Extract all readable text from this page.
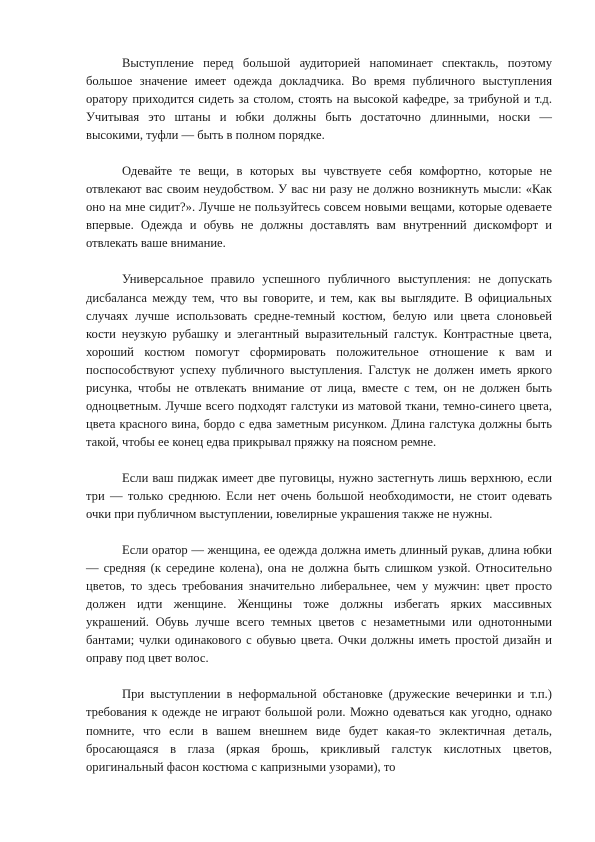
Выступление перед большой аудиторией напоминает спектакль, поэтому большое значение имеет одежда докладчика. Во время публичного выступления оратору приходится сидеть за столом, стоять на высокой кафедре, за трибуной и т.д. Учитывая это штаны и юбки должны быть достаточно длинными, носки — высокими, туфли — быть в полном порядке.

Одевайте те вещи, в которых вы чувствуете себя комфортно, которые не отвлекают вас своим неудобством. У вас ни разу не должно возникнуть мысли: «Как оно на мне сидит?». Лучше не пользуйтесь совсем новыми вещами, которые одеваете впервые. Одежда и обувь не должны доставлять вам внутренний дискомфорт и отвлекать ваше внимание.

Универсальное правило успешного публичного выступления: не допускать дисбаланса между тем, что вы говорите, и тем, как вы выглядите. В официальных случаях лучше использовать средне-темный костюм, белую или цвета слоновьей кости неузкую рубашку и элегантный выразительный галстук. Контрастные цвета, хороший костюм помогут сформировать положительное отношение к вам и поспособствуют успеху публичного выступления. Галстук не должен иметь яркого рисунка, чтобы не отвлекать внимание от лица, вместе с тем, он не должен быть одноцветным. Лучше всего подходят галстуки из матовой ткани, темно-синего цвета, цвета красного вина, бордо с едва заметным рисунком. Длина галстука должны быть такой, чтобы ее конец едва прикрывал пряжку на поясном ремне.

Если ваш пиджак имеет две пуговицы, нужно застегнуть лишь верхнюю, если три — только среднюю. Если нет очень большой необходимости, не стоит одевать очки при публичном выступлении, ювелирные украшения также не нужны.

Если оратор — женщина, ее одежда должна иметь длинный рукав, длина юбки — средняя (к середине колена), она не должна быть слишком узкой. Относительно цветов, то здесь требования значительно либеральнее, чем у мужчин: цвет просто должен идти женщине. Женщины тоже должны избегать ярких массивных украшений. Обувь лучше всего темных цветов с незаметными или однотонными бантами; чулки одинакового с обувью цвета. Очки должны иметь простой дизайн и оправу под цвет волос.

При выступлении в неформальной обстановке (дружеские вечеринки и т.п.) требования к одежде не играют большой роли. Можно одеваться как угодно, однако помните, что если в вашем внешнем виде будет какая-то эклектичная деталь, бросающаяся в глаза (яркая брошь, крикливый галстук кислотных цветов, оригинальный фасон костюма с капризными узорами), то
